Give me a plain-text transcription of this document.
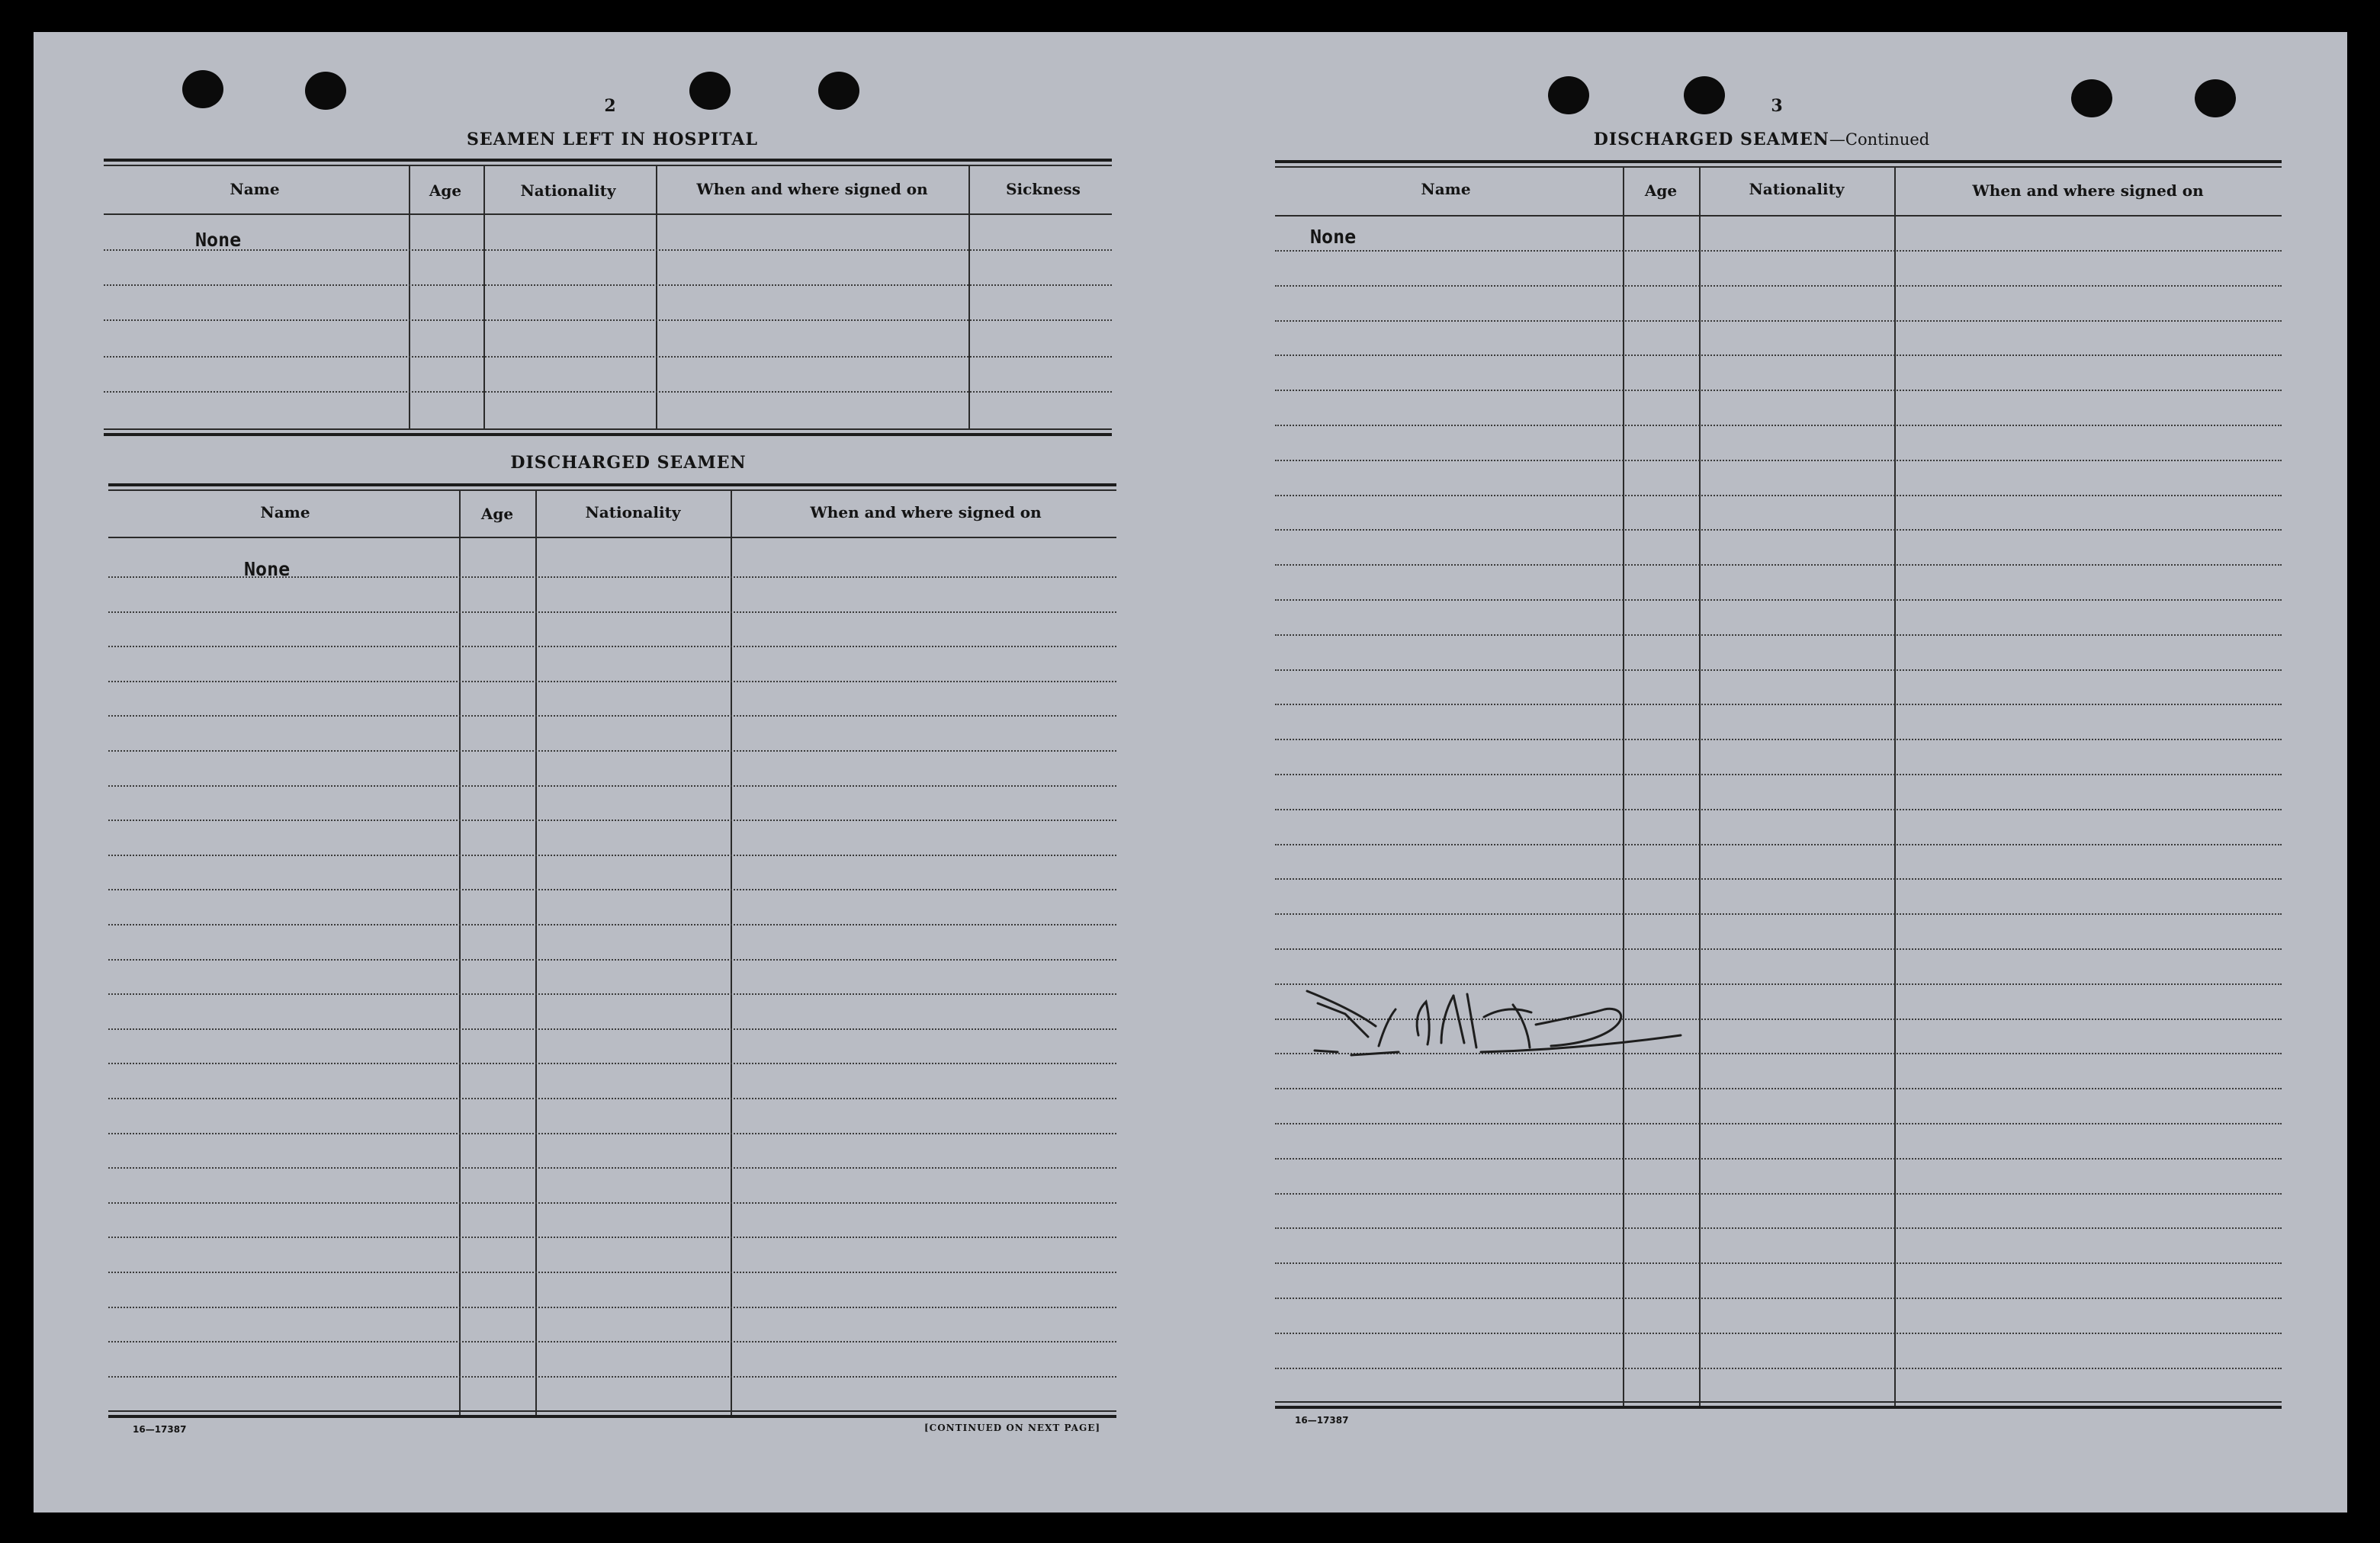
2
SEAMEN LEFT IN HOSPITAL
Name	Age	Nationality	When and where signed on	Sickness
None
DISCHARGED SEAMEN
Name	Age	Nationality	When and where signed on
None
16—17387	[CONTINUED ON NEXT PAGE]
3
DISCHARGED SEAMEN—Continued
Name	Age	Nationality	When and where signed on
None
16—17387
